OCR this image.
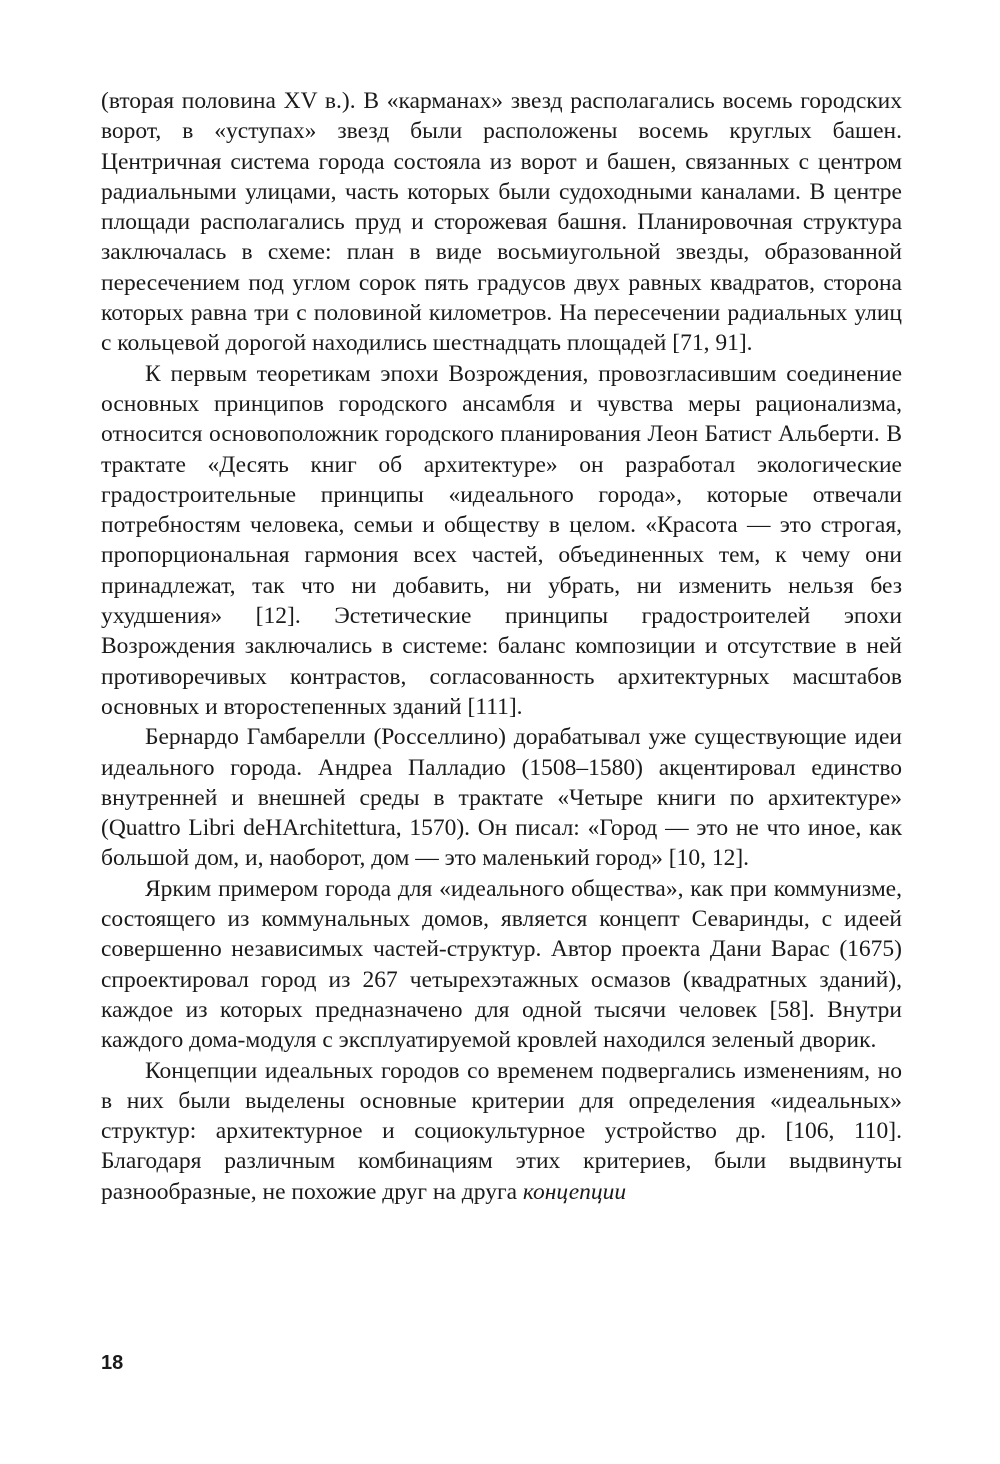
(вторая половина XV в.). В «карманах» звезд располагались восемь городских ворот, в «уступах» звезд были расположены восемь круглых башен. Центричная система города состояла из ворот и башен, связанных с центром радиальными улицами, часть которых были судоходными каналами. В центре площади располагались пруд и сторожевая башня. Планировочная структура заключалась в схеме: план в виде восьмиугольной звезды, образованной пересечением под углом сорок пять градусов двух равных квадратов, сторона которых равна три с половиной километров. На пересечении радиальных улиц с кольцевой дорогой находились шестнадцать площадей [71, 91].

К первым теоретикам эпохи Возрождения, провозгласившим соединение основных принципов городского ансамбля и чувства меры рационализма, относится основоположник городского планирования Леон Батист Альберти. В трактате «Десять книг об архитектуре» он разработал экологические градостроительные принципы «идеального города», которые отвечали потребностям человека, семьи и обществу в целом. «Красота — это строгая, пропорциональная гармония всех частей, объединенных тем, к чему они принадлежат, так что ни добавить, ни убрать, ни изменить нельзя без ухудшения» [12]. Эстетические принципы градостроителей эпохи Возрождения заключались в системе: баланс композиции и отсутствие в ней противоречивых контрастов, согласованность архитектурных масштабов основных и второстепенных зданий [111].

Бернардо Гамбарелли (Росселлино) дорабатывал уже существующие идеи идеального города. Андреа Палладио (1508–1580) акцентировал единство внутренней и внешней среды в трактате «Четыре книги по архитектуре» (Quattro Libri deHArchitettura, 1570). Он писал: «Город — это не что иное, как большой дом, и, наоборот, дом — это маленький город» [10, 12].

Ярким примером города для «идеального общества», как при коммунизме, состоящего из коммунальных домов, является концепт Севаринды, с идеей совершенно независимых частей-структур. Автор проекта Дани Варас (1675) спроектировал город из 267 четырехэтажных осмазов (квадратных зданий), каждое из которых предназначено для одной тысячи человек [58]. Внутри каждого дома-модуля с эксплуатируемой кровлей находился зеленый дворик.

Концепции идеальных городов со временем подвергались изменениям, но в них были выделены основные критерии для определения «идеальных» структур: архитектурное и социокультурное устройство др. [106, 110]. Благодаря различным комбинациям этих критериев, были выдвинуты разнообразные, не похожие друг на друга концепции

18
